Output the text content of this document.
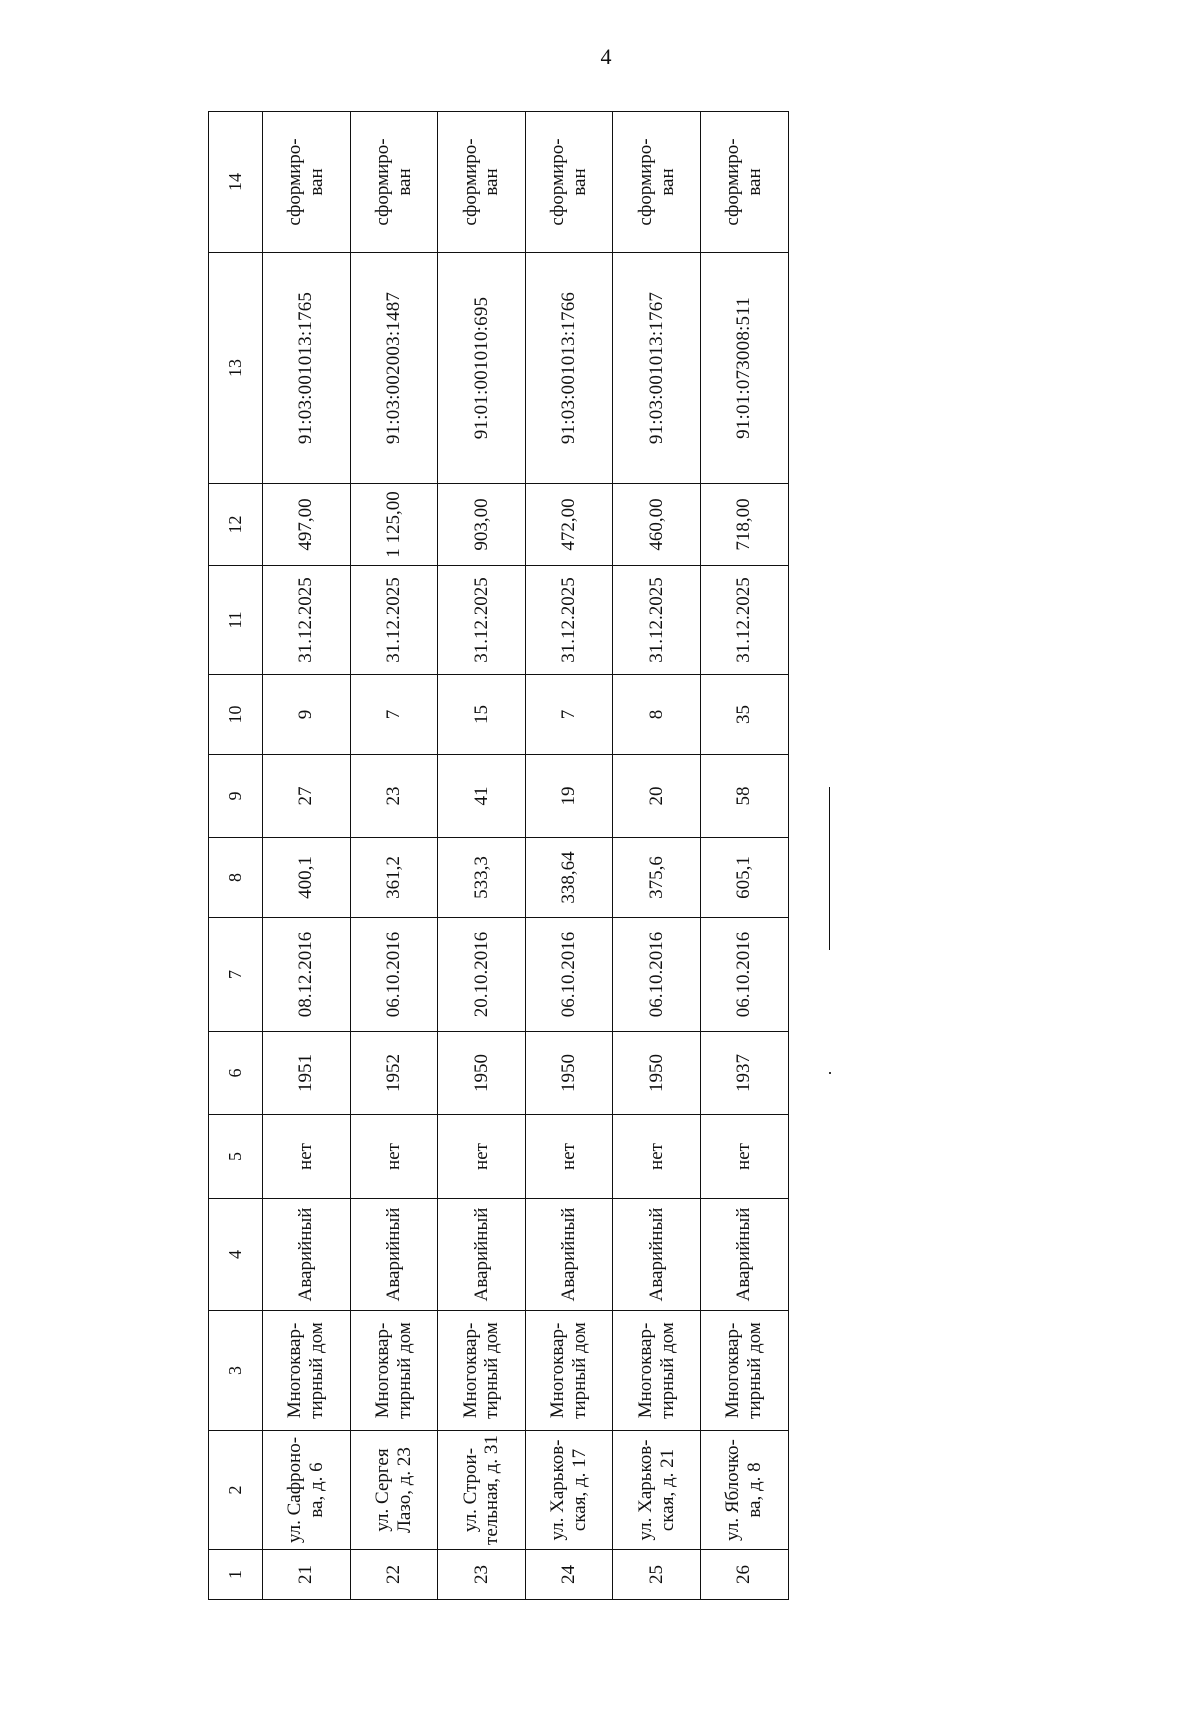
4
1	2	3	4	5	6	7	8	9	10	11	12	13	14
21	ул. Сафроно-
ва, д. 6	Многоквар-
тирный дом	Аварийный	нет	1951	08.12.2016	400,1	27	9	31.12.2025	497,00	91:03:001013:1765	сформиро-
ван
22	ул. Сергея
Лазо, д. 23	Многоквар-
тирный дом	Аварийный	нет	1952	06.10.2016	361,2	23	7	31.12.2025	1 125,00	91:03:002003:1487	сформиро-
ван
23	ул. Строи-
тельная, д. 31	Многоквар-
тирный дом	Аварийный	нет	1950	20.10.2016	533,3	41	15	31.12.2025	903,00	91:01:001010:695	сформиро-
ван
24	ул. Харьков-
ская, д. 17	Многоквар-
тирный дом	Аварийный	нет	1950	06.10.2016	338,64	19	7	31.12.2025	472,00	91:03:001013:1766	сформиро-
ван
25	ул. Харьков-
ская, д. 21	Многоквар-
тирный дом	Аварийный	нет	1950	06.10.2016	375,6	20	8	31.12.2025	460,00	91:03:001013:1767	сформиро-
ван
26	ул. Яблочко-
ва, д. 8	Многоквар-
тирный дом	Аварийный	нет	1937	06.10.2016	605,1	58	35	31.12.2025	718,00	91:01:073008:511	сформиро-
ван
